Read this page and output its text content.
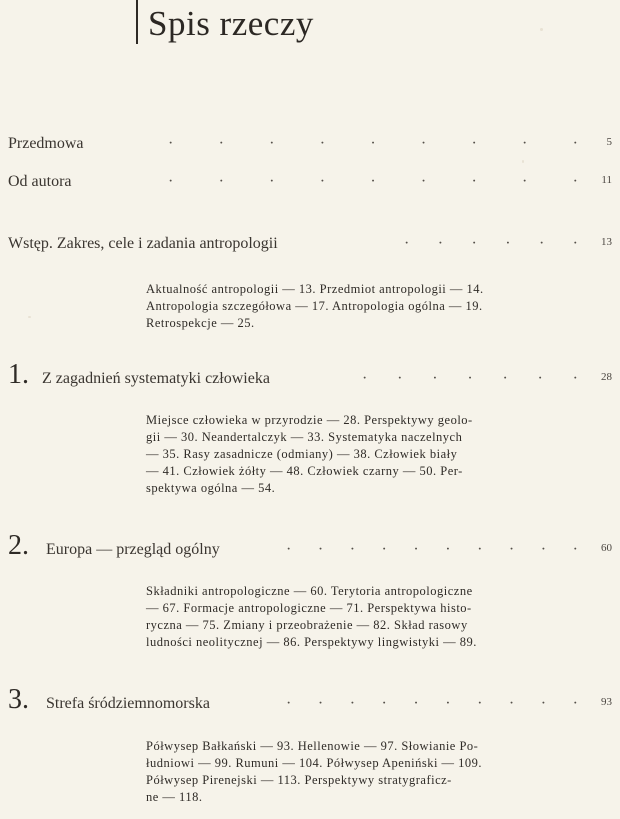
Spis rzeczy
Przedmowa	·	·	·	·	·	·	·	·	·	5
Od autora	·	·	·	·	·	·	·	·	· 11
Wstęp. Zakres, cele i zadania antropologii	· · · · · · 13
Aktualność antropologii — 13. Przedmiot antropologii — 14.
Antropologia szczegółowa — 17. Antropologia ogólna — 19.
Retrospekcje — 25.
1. Z zagadnień systematyki człowieka	· · · · · · · 28
Miejsce człowieka w przyrodzie — 28. Perspektywy geolo-
gii — 30. Neandertalczyk — 33. Systematyka naczelnych
— 35. Rasy zasadnicze (odmiany) — 38. Człowiek biały
— 41. Człowiek żółty — 48. Człowiek czarny — 50. Per-
spektywa ogólna — 54.
2. Europa — przegląd ogólny	· · · · · · · · · · 60
Składniki antropologiczne — 60. Terytoria antropologiczne
— 67. Formacje antropologiczne — 71. Perspektywa histo-
ryczna — 75. Zmiany i przeobrażenie — 82. Skład rasowy
ludności neolitycznej — 86. Perspektywy lingwistyki — 89.
3. Strefa śródziemnomorska	· · · · · · · · · · 93
Półwysep Bałkański — 93. Hellenowie — 97. Słowianie Po-
łudniowi — 99. Rumuni — 104. Półwysep Apeniński — 109.
Półwysep Pirenejski — 113. Perspektywy stratygraficz-
ne — 118.
